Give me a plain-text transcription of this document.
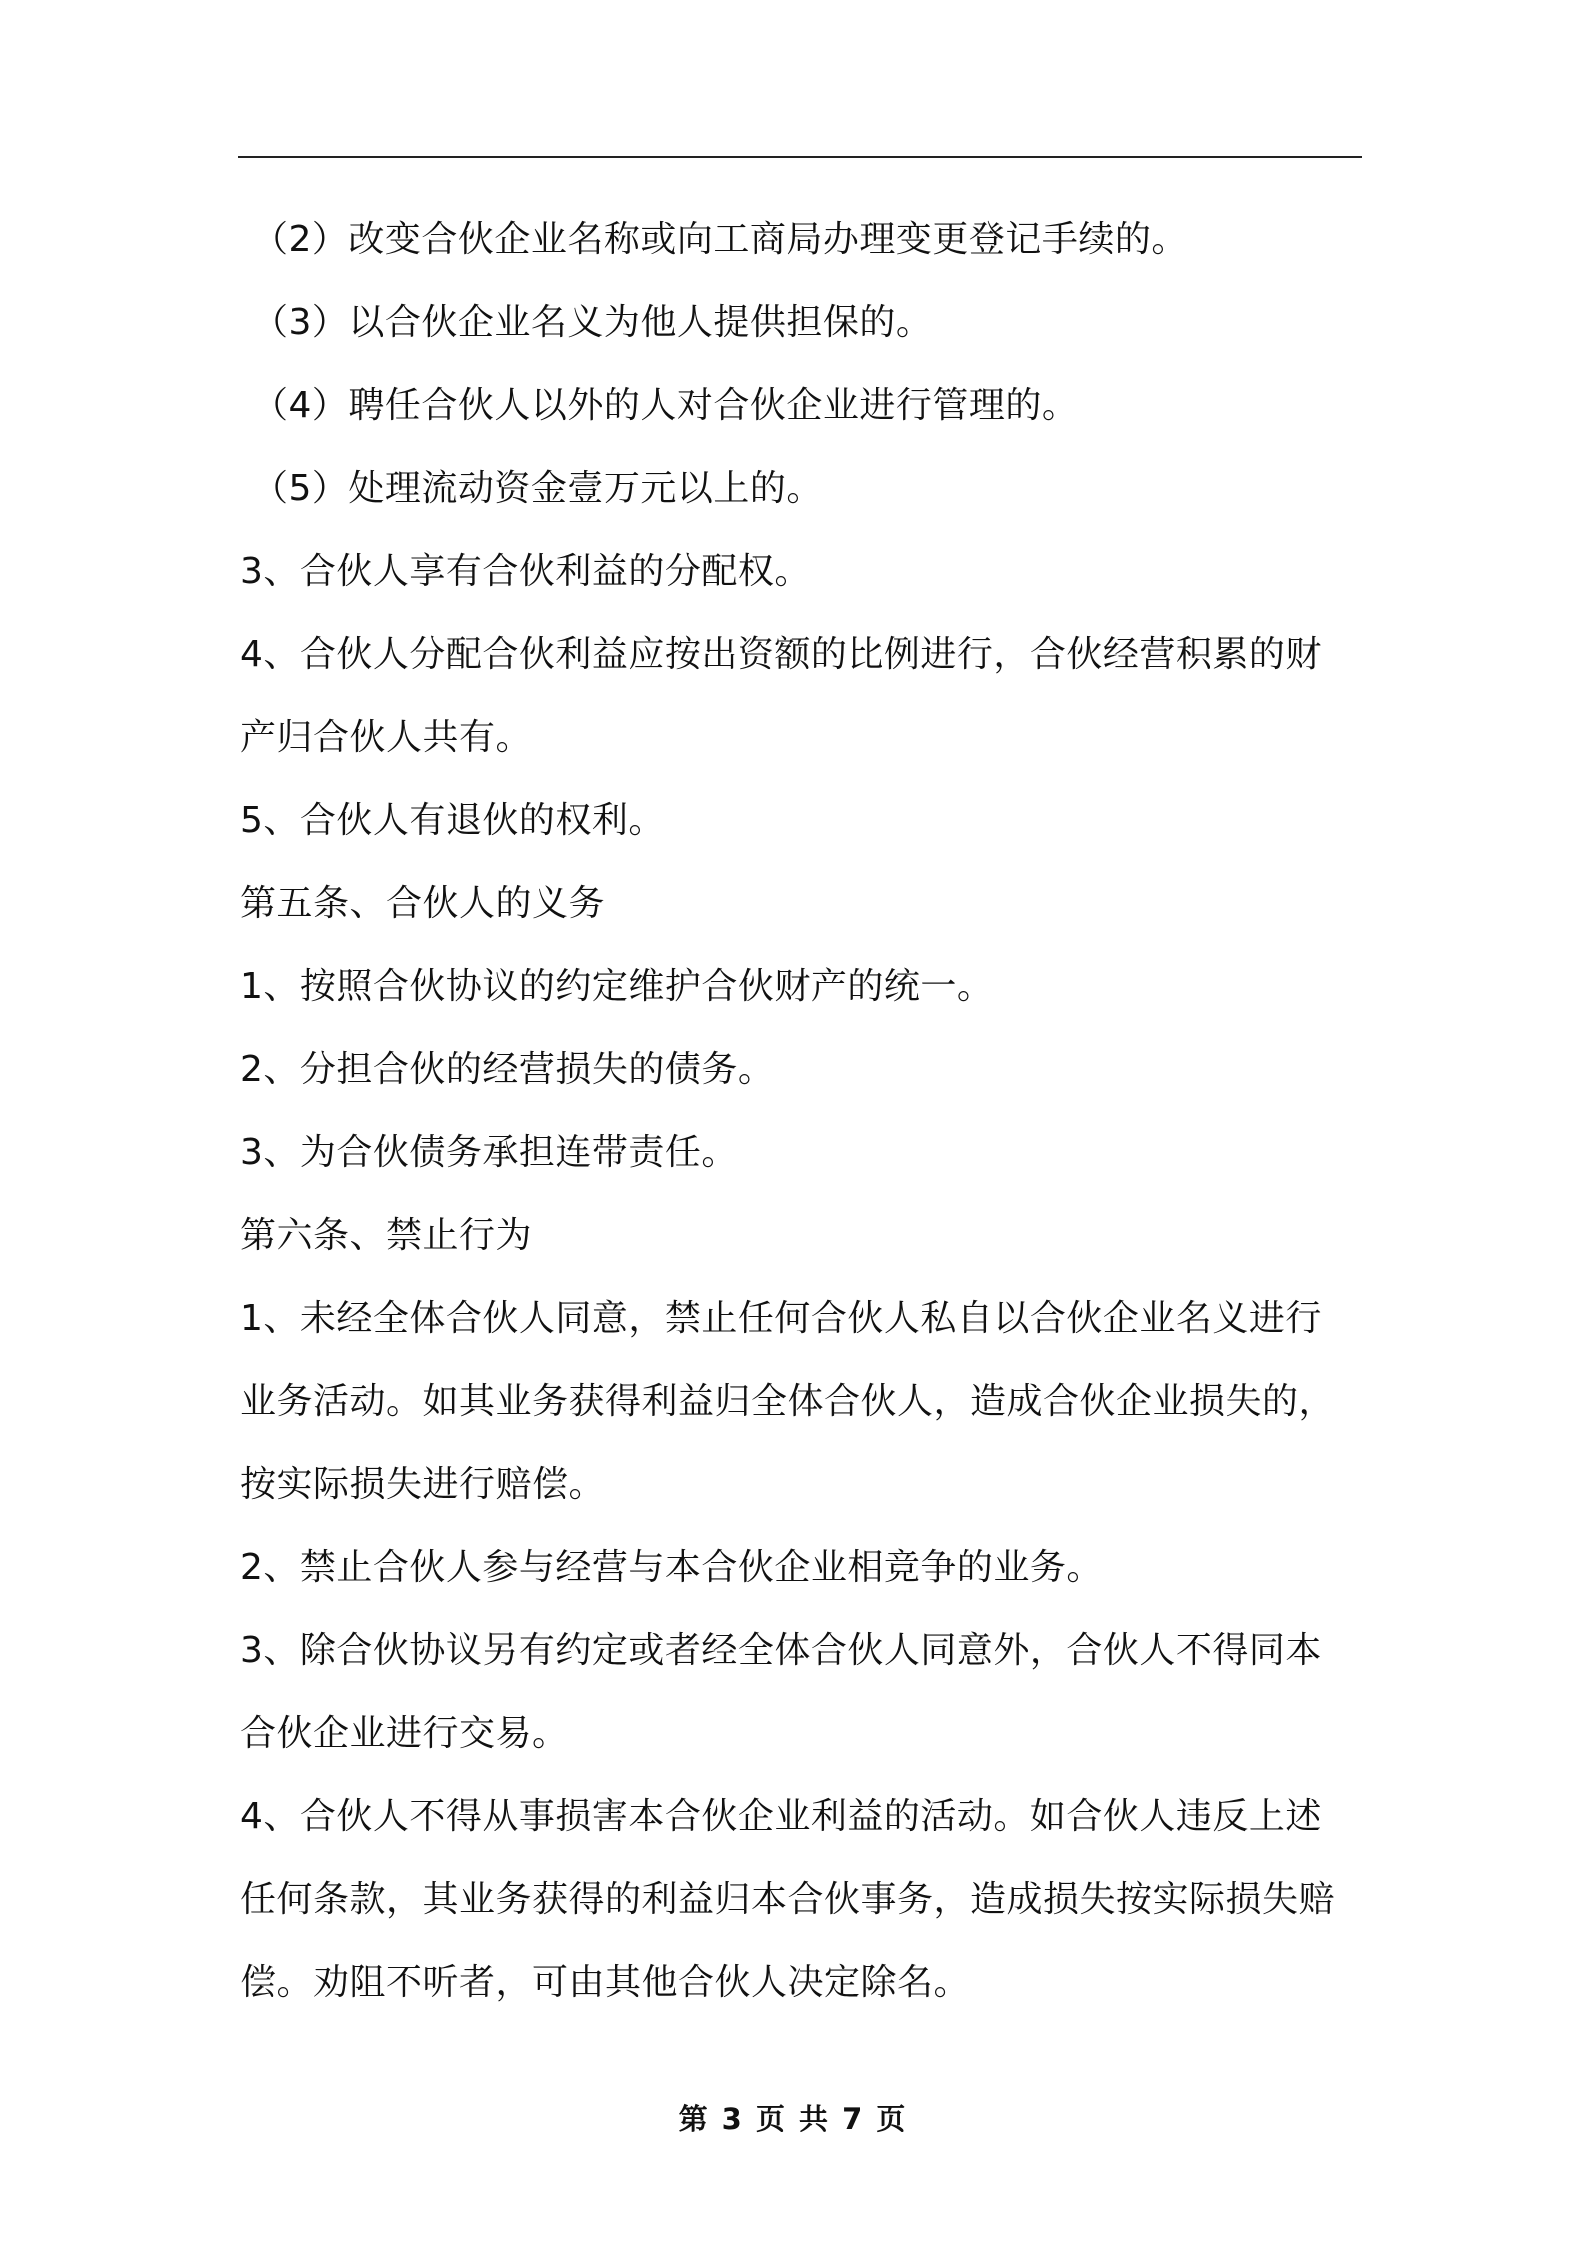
（2）改变合伙企业名称或向工商局办理变更登记手续的。
（3）以合伙企业名义为他人提供担保的。
（4）聘任合伙人以外的人对合伙企业进行管理的。
（5）处理流动资金壹万元以上的。
3、合伙人享有合伙利益的分配权。
4、合伙人分配合伙利益应按出资额的比例进行，合伙经营积累的财
产归合伙人共有。
5、合伙人有退伙的权利。
第五条、合伙人的义务
1、按照合伙协议的约定维护合伙财产的统一。
2、分担合伙的经营损失的债务。
3、为合伙债务承担连带责任。
第六条、禁止行为
1、未经全体合伙人同意，禁止任何合伙人私自以合伙企业名义进行
业务活动。如其业务获得利益归全体合伙人，造成合伙企业损失的，
按实际损失进行赔偿。
2、禁止合伙人参与经营与本合伙企业相竞争的业务。
3、除合伙协议另有约定或者经全体合伙人同意外，合伙人不得同本
合伙企业进行交易。
4、合伙人不得从事损害本合伙企业利益的活动。如合伙人违反上述
任何条款，其业务获得的利益归本合伙事务，造成损失按实际损失赔
偿。劝阻不听者，可由其他合伙人决定除名。
第 3 页 共 7 页
